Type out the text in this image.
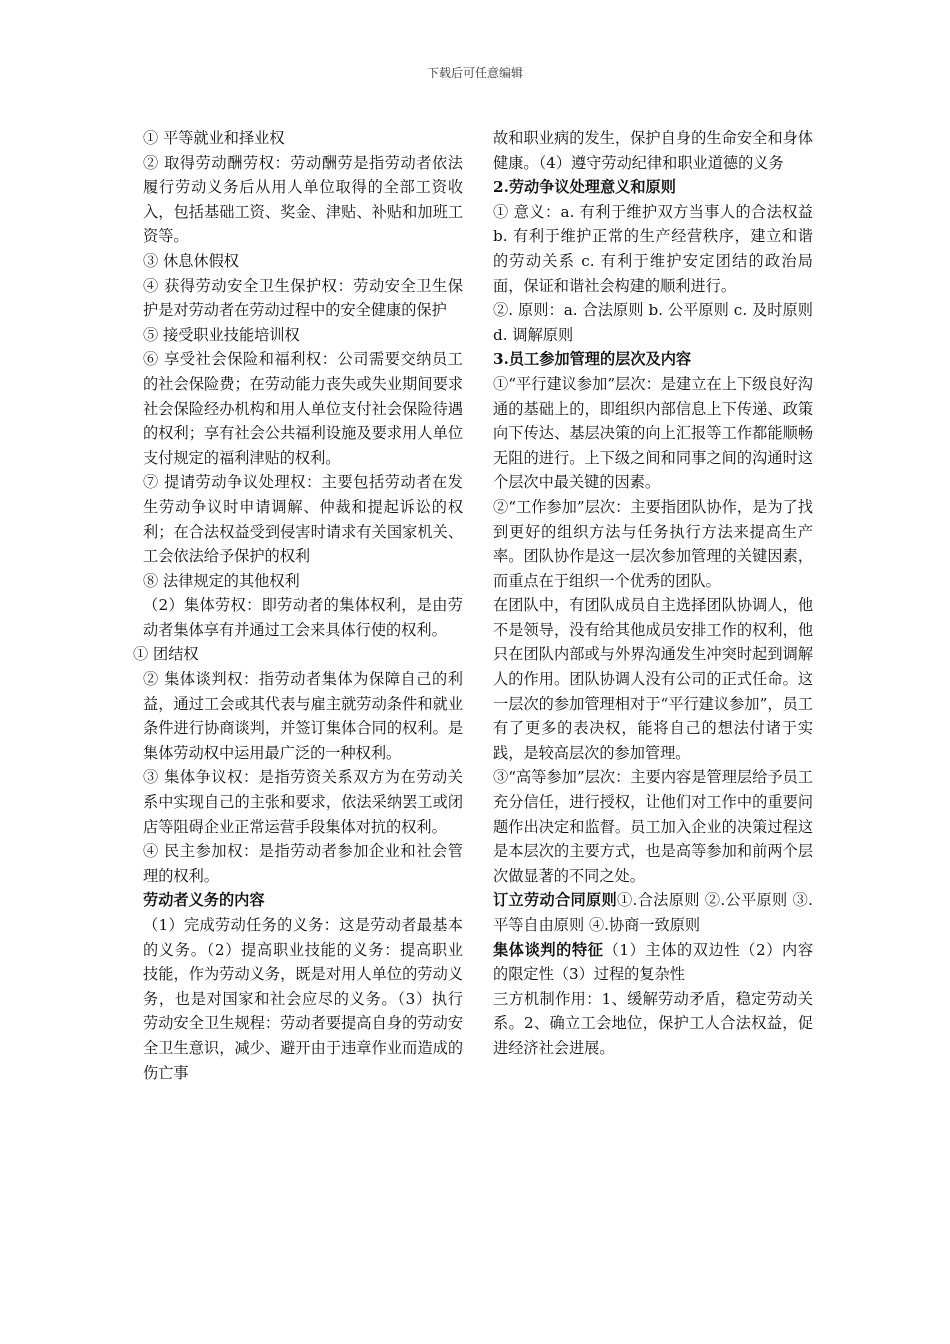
下载后可任意编辑

① 平等就业和择业权

② 取得劳动酬劳权：劳动酬劳是指劳动者依法履行劳动义务后从用人单位取得的全部工资收入，包括基础工资、奖金、津贴、补贴和加班工资等。

③ 休息休假权

④ 获得劳动安全卫生保护权：劳动安全卫生保护是对劳动者在劳动过程中的安全健康的保护

⑤ 接受职业技能培训权

⑥ 享受社会保险和福利权：公司需要交纳员工的社会保险费；在劳动能力丧失或失业期间要求社会保险经办机构和用人单位支付社会保险待遇的权利；享有社会公共福利设施及要求用人单位支付规定的福利津贴的权利。

⑦ 提请劳动争议处理权：主要包括劳动者在发生劳动争议时申请调解、仲裁和提起诉讼的权利；在合法权益受到侵害时请求有关国家机关、工会依法给予保护的权利

⑧ 法律规定的其他权利

（2）集体劳权：即劳动者的集体权利，是由劳动者集体享有并通过工会来具体行使的权利。

① 团结权

② 集体谈判权：指劳动者集体为保障自己的利益，通过工会或其代表与雇主就劳动条件和就业条件进行协商谈判，并签订集体合同的权利。是集体劳动权中运用最广泛的一种权利。

③ 集体争议权：是指劳资关系双方为在劳动关系中实现自己的主张和要求，依法采纳罢工或闭店等阻碍企业正常运营手段集体对抗的权利。

④ 民主参加权：是指劳动者参加企业和社会管理的权利。

劳动者义务的内容

（1）完成劳动任务的义务：这是劳动者最基本的义务。（2）提高职业技能的义务：提高职业技能，作为劳动义务，既是对用人单位的劳动义务，也是对国家和社会应尽的义务。（3）执行劳动安全卫生规程：劳动者要提高自身的劳动安全卫生意识，减少、避开由于违章作业而造成的伤亡事

故和职业病的发生，保护自身的生命安全和身体健康。（4）遵守劳动纪律和职业道德的义务

2.劳动争议处理意义和原则

① 意义：a. 有利于维护双方当事人的合法权益 b. 有利于维护正常的生产经营秩序，建立和谐的劳动关系 c. 有利于维护安定团结的政治局面，保证和谐社会构建的顺利进行。

②. 原则：a. 合法原则 b. 公平原则 c. 及时原则 d. 调解原则

3.员工参加管理的层次及内容

①“平行建议参加”层次：是建立在上下级良好沟通的基础上的，即组织内部信息上下传递、政策向下传达、基层决策的向上汇报等工作都能顺畅无阻的进行。上下级之间和同事之间的沟通时这个层次中最关键的因素。

②“工作参加”层次：主要指团队协作，是为了找到更好的组织方法与任务执行方法来提高生产率。团队协作是这一层次参加管理的关键因素，而重点在于组织一个优秀的团队。

在团队中，有团队成员自主选择团队协调人，他不是领导，没有给其他成员安排工作的权利，他只在团队内部或与外界沟通发生冲突时起到调解人的作用。团队协调人没有公司的正式任命。这一层次的参加管理相对于“平行建议参加”，员工有了更多的表决权，能将自己的想法付诸于实践，是较高层次的参加管理。

③“高等参加”层次：主要内容是管理层给予员工充分信任，进行授权，让他们对工作中的重要问题作出决定和监督。员工加入企业的决策过程这是本层次的主要方式，也是高等参加和前两个层次做显著的不同之处。

订立劳动合同原则①.合法原则 ②.公平原则 ③.平等自由原则 ④.协商一致原则

集体谈判的特征（1）主体的双边性（2）内容的限定性（3）过程的复杂性

三方机制作用：1、缓解劳动矛盾，稳定劳动关系。2、确立工会地位，保护工人合法权益，促进经济社会进展。
